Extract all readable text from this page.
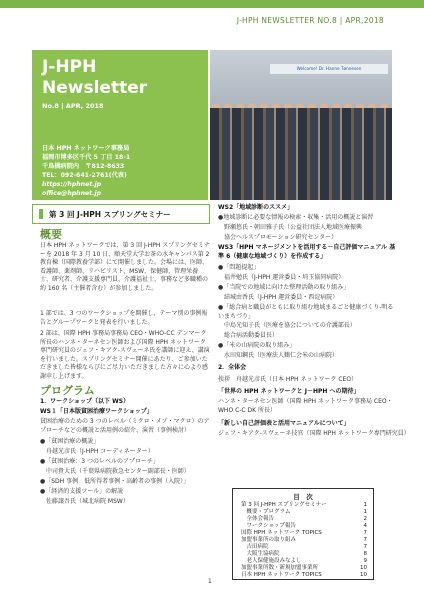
J-HPH NEWSLETTER NO.8 | APR,2018
J-HPH
Newsletter
No.8 | APR, 2018
日本 HPH ネットワーク事務局
福岡市博多区千代 5 丁目 18-1
千鳥橋病院内　〒812-8633
TEL：092-641-2761(代表)
https://hphnet.jp
office@hphnet.jp
Welcome! Dr. Hanne Tønnesen
第 3 回 J-HPH スプリングセミナー
概要
日本 HPH ネットワークでは、第 3 回 J-HPH スプリングセミナーを 2018 年 3 月 10 日、順天堂大学お茶の水キャンパス第 2 教育棟（国際教養学部）にて開催しました。会場には、医師、看護師、薬剤師、リハビリスト、MSW、保健師、管理栄養士、研究者、介護支援専門員、介護福祉士、事務など多職種の約 160 名（主催者含む）が参加しました。
1 部では、3 つのワークショップを開催し、テーマ別の事例報告とグループワークと発表を行いました。
2 部は、国際 HPH 事務局事務局 CEO・WHO-CC デンマーク所長のハンネ・ターネセン医師および国際 HPH ネットワーク専門研究員のジェフ・キアク-スヴェーネ氏を講師に迎え、講演を行いました。スプリングセミナー開催にあたり、ご参加いただきました皆様ならびにご尽力いただきました方々に心より感謝申し上げます。
プログラム
1．ワークショップ（以下 WS）
WS１「日本版貧困治療ワークショップ」
貧困治療のための 3 つのレベル（ミクロ・メゾ・マクロ）のアプローチなどの概説と活用例の紹介、演習（事例検討）
●「貧困治療の概説」
　舟越光彦氏（J-HPH コーディネーター）
●「貧困治療：3 つのレベルのアプローチ」
　中司貴大氏（千葉県病院救急センター副部長・医師）
●「SDH 事例　低所得者事例・高齢者の事例（入院）」
●「経済的支援ツール」の解説
　佐藤譲吾氏（城北病院 MSW）
WS2「地域診断のススメ」
●地域診断に必要な情報の検索・収集・活用の概説と演習
　野瀬悠氏・朝田雅子氏（公益社団法人地域医療振興
　協会ヘルスプロモーション研究センター）
WS3「HPH マネージメントを活用する－自己評価マニュアル 基準 6（健康な地域づくり）を作成する」
●「問題提起」
　福井勉氏（J-HPH 運営委員・埼玉協同病院）
●「当院での地域に向けた整理活動の取り組み」
　結城由香氏（J-HPH 運営委員・西淀病院）
●「総合病と職員がともに取り組む地域まるごと健康づくり-明るいまちづり」
　中島光知子氏（医療を協会についての介護部長）
　総合病活動委員長）
●「米の山病院の取り組み」
　水田知鋼氏（医療法人鶴仁会米の山病院）
2．全体会
挨拶　舟越光彦氏（日本 HPH ネットワーク CEO）
「世界の HPH ネットワークと J－HPH への期待」
ハンネ・ターネセン医師（国際 HPH ネットワーク事務局 CEO・WHO C-C DK 所長）
「新しい自己評価表と活用マニュアルについて」
ジェフ・キアク-スヴェーネ技官（国際 HPH ネットワーク専門研究員）
目　次
第 3 回 J-HPH スプリングセミナー	1
　概要・プログラム	1
　全体会報告	2
　ワークショップ報告	4
国際 HPH ネットワーク TOPICS	7
加盟事業所の取り組み	7
　吉田病院	7
　大阪生協病院	8
　老人保健施設みなよし	9
加盟事業所数・新規加盟事業所	10
日本 HPH ネットワーク TOPICS	10
1
